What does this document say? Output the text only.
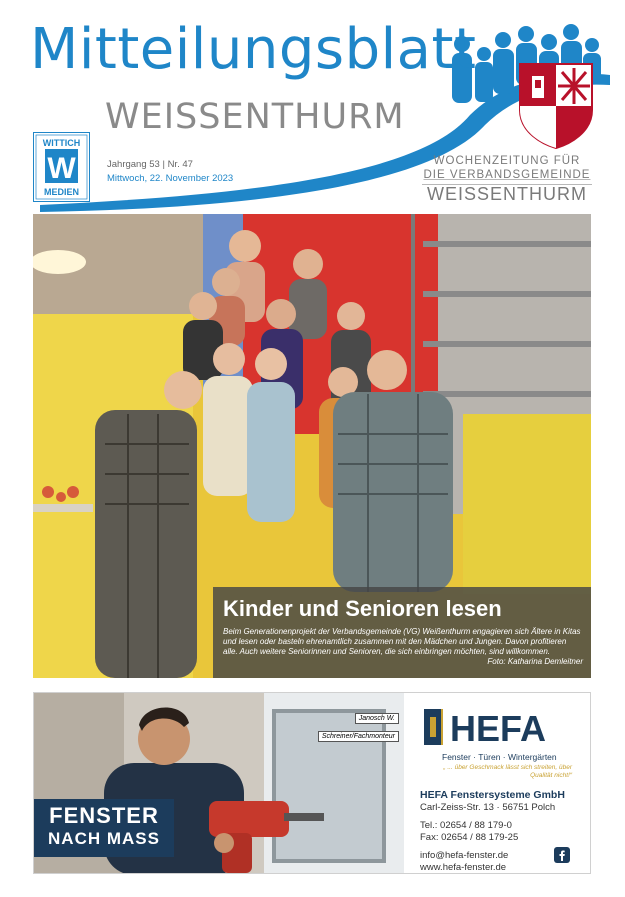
Mitteilungsblatt
WEISSENTHURM
WITTICH
W
MEDIEN
Jahrgang 53 | Nr. 47
Mittwoch, 22. November 2023
WOCHENZEITUNG FÜR
DIE VERBANDSGEMEINDE
WEISSENTHURM
Kinder und Senioren lesen
Beim Generationenprojekt der Verbandsgemeinde (VG) Weißenthurm engagieren sich Ältere in Kitas und lesen oder basteln ehrenamtlich zusammen mit den Mädchen und Jungen. Davon profitieren alle. Auch weitere Seniorinnen und Senioren, die sich einbringen möchten, sind willkommen.
Foto: Katharina Demleitner
Janosch W.
Schreiner/Fachmonteur
FENSTER
NACH MASS
HEFA
Fenster · Türen · Wintergärten
„ ... über Geschmack lässt sich streiten, über Qualität nicht!“
HEFA Fenstersysteme GmbH
Carl-Zeiss-Str. 13 · 56751 Polch
Tel.: 02654 / 88 179-0
Fax: 02654 / 88 179-25
info@hefa-fenster.de
www.hefa-fenster.de
